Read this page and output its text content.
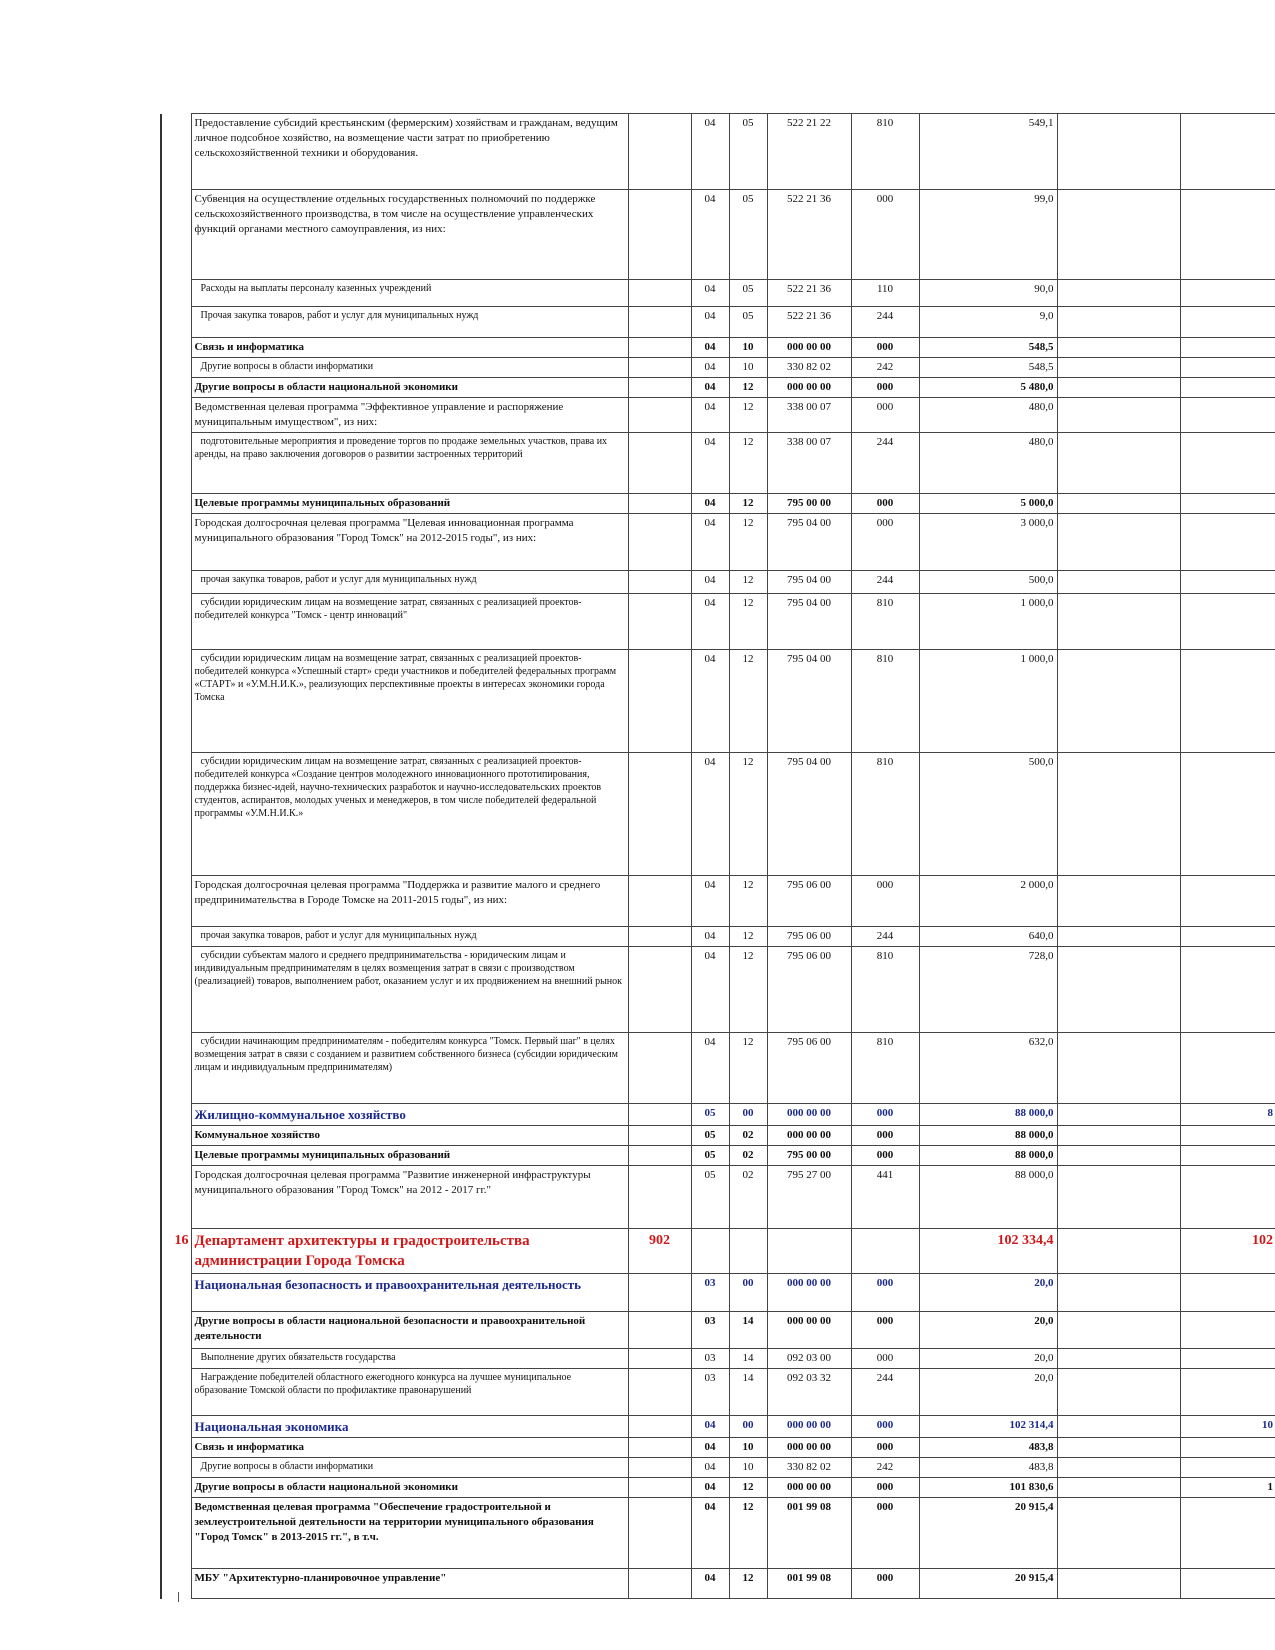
	Предоставление субсидий крестьянским (фермерским) хозяйствам и гражданам, ведущим личное подсобное хозяйство, на возмещение части затрат по приобретению сельскохозяйственной техники и оборудования.		04	05	522 21 22	810	549,1		
	Субвенция на осуществление отдельных государственных полномочий по поддержке сельскохозяйственного производства, в том числе на осуществление управленческих функций органами местного самоуправления, из них:		04	05	522 21 36	000	99,0		

	Расходы на выплаты персоналу казенных учреждений		04	05	522 21 36	110	90,0		

	Прочая закупка товаров, работ и услуг для муниципальных нужд		04	05	522 21 36	244	9,0		
	Связь и информатика		04	10	000 00 00	000	548,5		

	Другие вопросы в области информатики		04	10	330 82 02	242	548,5		
	Другие вопросы в области национальной экономики		04	12	000 00 00	000	5 480,0		
	Ведомственная целевая программа "Эффективное управление и распоряжение муниципальным имуществом", из них:		04	12	338 00 07	000	480,0		

	подготовительные мероприятия и проведение торгов по продаже земельных участков, права их аренды, на право заключения договоров о развитии застроенных территорий		04	12	338 00 07	244	480,0		
	Целевые программы муниципальных образований		04	12	795 00 00	000	5 000,0		
	Городская долгосрочная целевая программа "Целевая инновационная программа муниципального образования "Город Томск" на 2012-2015 годы", из них:		04	12	795 04 00	000	3 000,0		

	прочая закупка товаров, работ и услуг для муниципальных нужд		04	12	795 04 00	244	500,0		

	субсидии юридическим лицам на возмещение затрат, связанных с реализацией проектов-победителей конкурса "Томск - центр инноваций"		04	12	795 04 00	810	1 000,0		

	субсидии юридическим лицам на возмещение затрат, связанных с реализацией проектов-победителей конкурса «Успешный старт» среди участников и победителей федеральных программ «СТАРТ» и «У.М.Н.И.К.», реализующих перспективные проекты в интересах экономики города Томска		04	12	795 04 00	810	1 000,0		

	субсидии юридическим лицам на возмещение затрат, связанных с реализацией проектов-победителей конкурса «Создание центров молодежного инновационного прототипирования, поддержка бизнес-идей, научно-технических разработок и научно-исследовательских проектов студентов, аспирантов, молодых ученых и менеджеров, в том числе победителей федеральной программы «У.М.Н.И.К.»		04	12	795 04 00	810	500,0		
	Городская долгосрочная целевая программа "Поддержка и развитие малого и среднего предпринимательства в Городе Томске на 2011-2015 годы", из них:		04	12	795 06 00	000	2 000,0		

	прочая закупка товаров, работ и услуг для муниципальных нужд		04	12	795 06 00	244	640,0		

	субсидии субъектам малого и среднего предпринимательства - юридическим лицам и индивидуальным предпринимателям в целях возмещения затрат в связи с производством (реализацией) товаров, выполнением работ, оказанием услуг и их продвижением на внешний рынок		04	12	795 06 00	810	728,0		

	субсидии начинающим предпринимателям - победителям конкурса "Томск. Первый шаг" в целях возмещения затрат в связи с созданием и развитием собственного бизнеса (субсидии юридическим лицам и индивидуальным предпринимателям)		04	12	795 06 00	810	632,0		
	Жилищно-коммунальное хозяйство		05	00	000 00 00	000	88 000,0		8
	Коммунальное хозяйство		05	02	000 00 00	000	88 000,0		
	Целевые программы муниципальных образований		05	02	795 00 00	000	88 000,0		
	Городская долгосрочная целевая программа "Развитие инженерной инфраструктуры муниципального образования "Город Томск" на 2012 - 2017 гг."		05	02	795 27 00	441	88 000,0		
16	Департамент архитектуры и градостроительства администрации Города Томска	902					102 334,4		102
	Национальная безопасность и правоохранительная деятельность		03	00	000 00 00	000	20,0		
	Другие вопросы в области национальной безопасности и правоохранительной деятельности		03	14	000 00 00	000	20,0		

	Выполнение других обязательств государства		03	14	092 03 00	000	20,0		

	Награждение победителей областного ежегодного конкурса на лучшее муниципальное образование Томской области по профилактике правонарушений		03	14	092 03 32	244	20,0		
	Национальная экономика		04	00	000 00 00	000	102 314,4		10
	Связь и информатика		04	10	000 00 00	000	483,8		

	Другие вопросы в области информатики		04	10	330 82 02	242	483,8		
	Другие вопросы в области национальной экономики		04	12	000 00 00	000	101 830,6		1
	Ведомственная целевая программа "Обеспечение градостроительной и землеустроительной деятельности на территории муниципального образования "Город Томск" в 2013-2015 гг.", в т.ч.		04	12	001 99 08	000	20 915,4		
	МБУ "Архитектурно-планировочное управление"		04	12	001 99 08	000	20 915,4		
